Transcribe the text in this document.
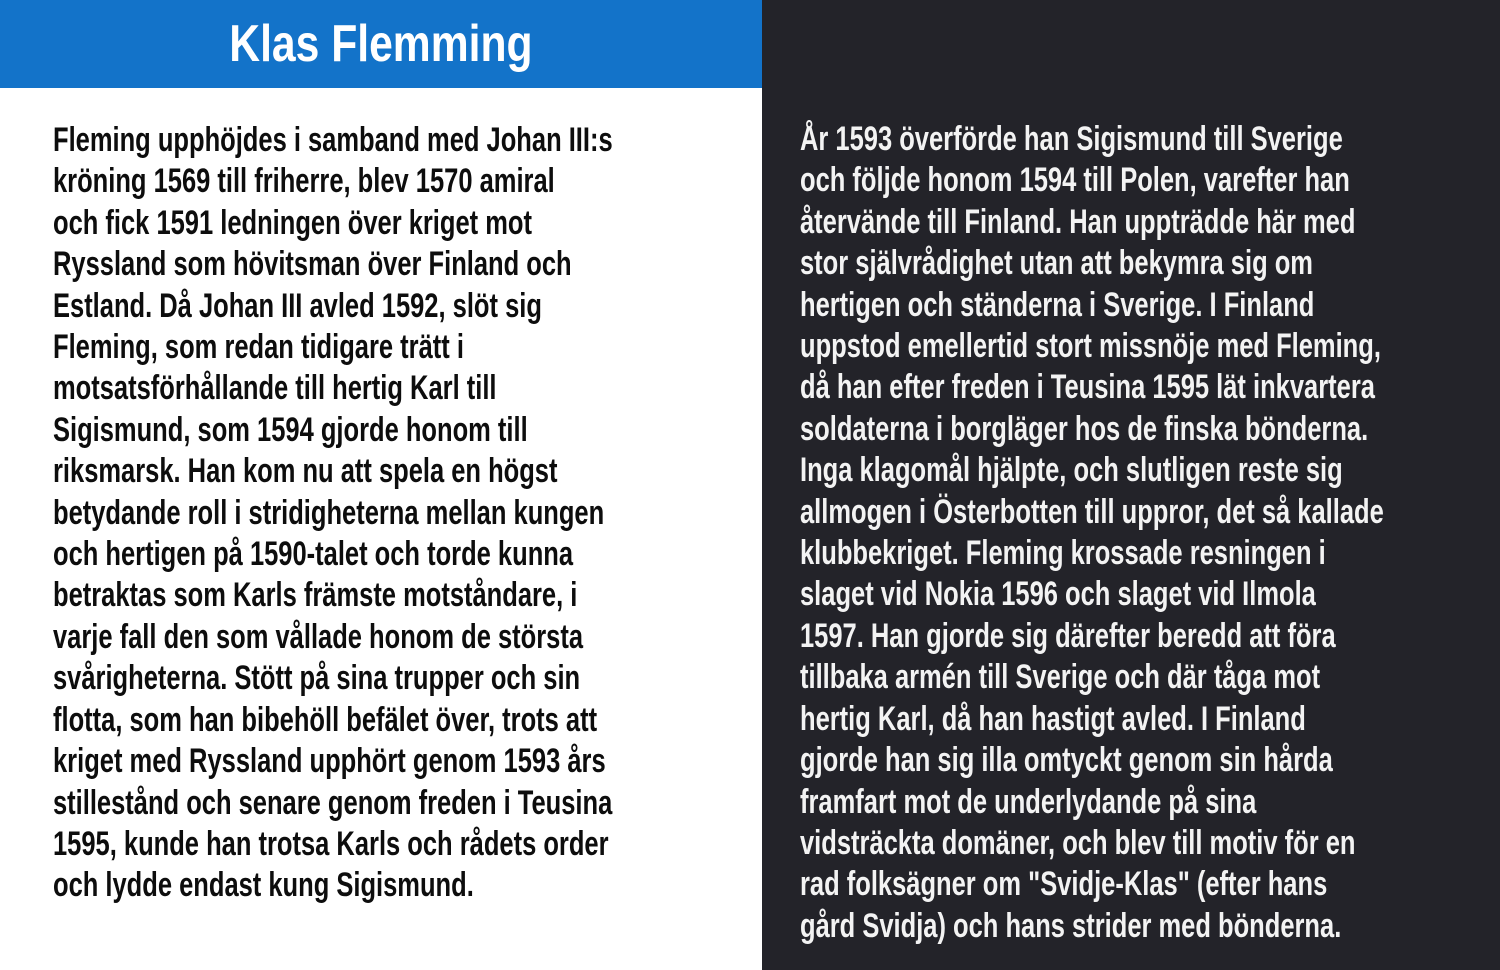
Klas Flemming
Fleming upphöjdes i samband med Johan III:s
kröning 1569 till friherre, blev 1570 amiral
och fick 1591 ledningen över kriget mot
Ryssland som hövitsman över Finland och
Estland. Då Johan III avled 1592, slöt sig
Fleming, som redan tidigare trätt i
motsatsförhållande till hertig Karl till
Sigismund, som 1594 gjorde honom till
riksmarsk. Han kom nu att spela en högst
betydande roll i stridigheterna mellan kungen
och hertigen på 1590-talet och torde kunna
betraktas som Karls främste motståndare, i
varje fall den som vållade honom de största
svårigheterna. Stött på sina trupper och sin
flotta, som han bibehöll befälet över, trots att
kriget med Ryssland upphört genom 1593 års
stillestånd och senare genom freden i Teusina
1595, kunde han trotsa Karls och rådets order
och lydde endast kung Sigismund.
År 1593 överförde han Sigismund till Sverige
och följde honom 1594 till Polen, varefter han
återvände till Finland. Han uppträdde här med
stor självrådighet utan att bekymra sig om
hertigen och ständerna i Sverige. I Finland
uppstod emellertid stort missnöje med Fleming,
då han efter freden i Teusina 1595 lät inkvartera
soldaterna i borgläger hos de finska bönderna.
Inga klagomål hjälpte, och slutligen reste sig
allmogen i Österbotten till uppror, det så kallade
klubbekriget. Fleming krossade resningen i
slaget vid Nokia 1596 och slaget vid Ilmola
1597. Han gjorde sig därefter beredd att föra
tillbaka armén till Sverige och där tåga mot
hertig Karl, då han hastigt avled. I Finland
gjorde han sig illa omtyckt genom sin hårda
framfart mot de underlydande på sina
vidsträckta domäner, och blev till motiv för en
rad folksägner om "Svidje-Klas" (efter hans
gård Svidja) och hans strider med bönderna.
